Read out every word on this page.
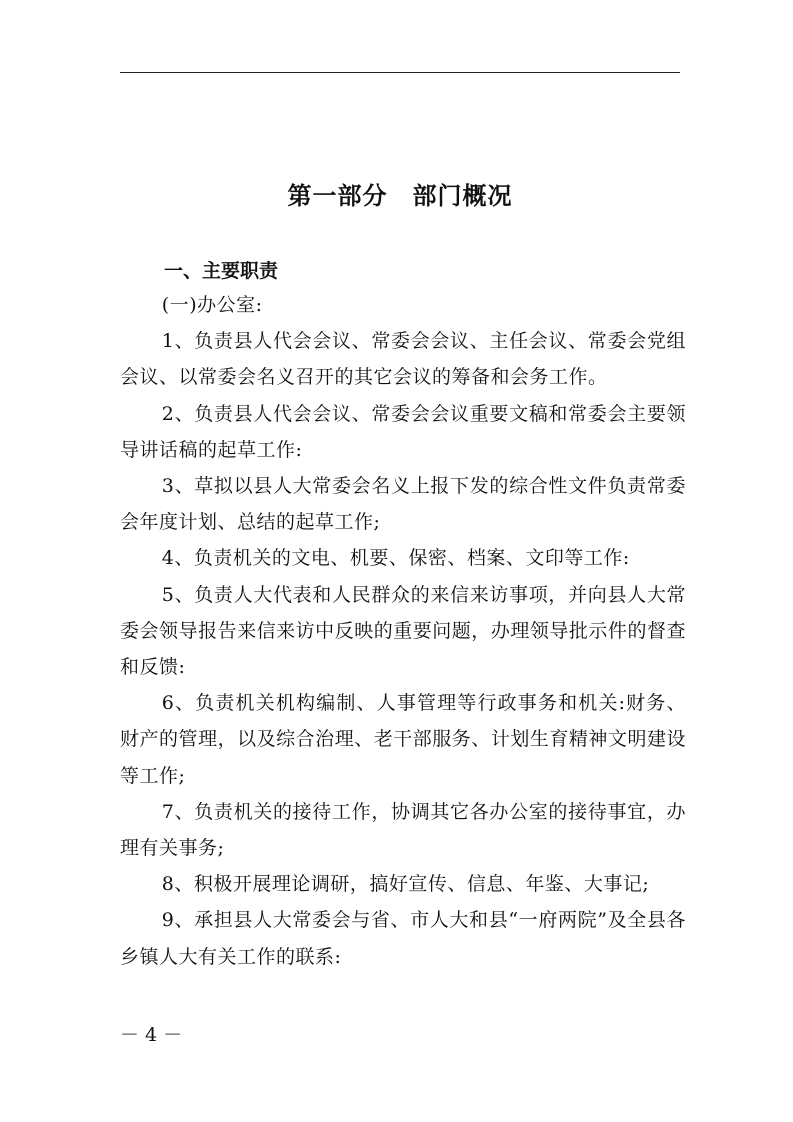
第一部分　部门概况
一、主要职责

(一)办公室:

1、负责县人代会会议、常委会会议、主任会议、常委会党组会议、以常委会名义召开的其它会议的筹备和会务工作。

2、负责县人代会会议、常委会会议重要文稿和常委会主要领导讲话稿的起草工作:

3、草拟以县人大常委会名义上报下发的综合性文件负责常委会年度计划、总结的起草工作;

4、负责机关的文电、机要、保密、档案、文印等工作:

5、负责人大代表和人民群众的来信来访事项，并向县人大常委会领导报告来信来访中反映的重要问题，办理领导批示件的督查和反馈:

6、负责机关机构编制、人事管理等行政事务和机关:财务、财产的管理，以及综合治理、老干部服务、计划生育精神文明建设等工作;

7、负责机关的接待工作，协调其它各办公室的接待事宜，办理有关事务;

8、积极开展理论调研，搞好宣传、信息、年鉴、大事记;

9、承担县人大常委会与省、市人大和县“一府两院”及全县各乡镇人大有关工作的联系:

－ 4 －
